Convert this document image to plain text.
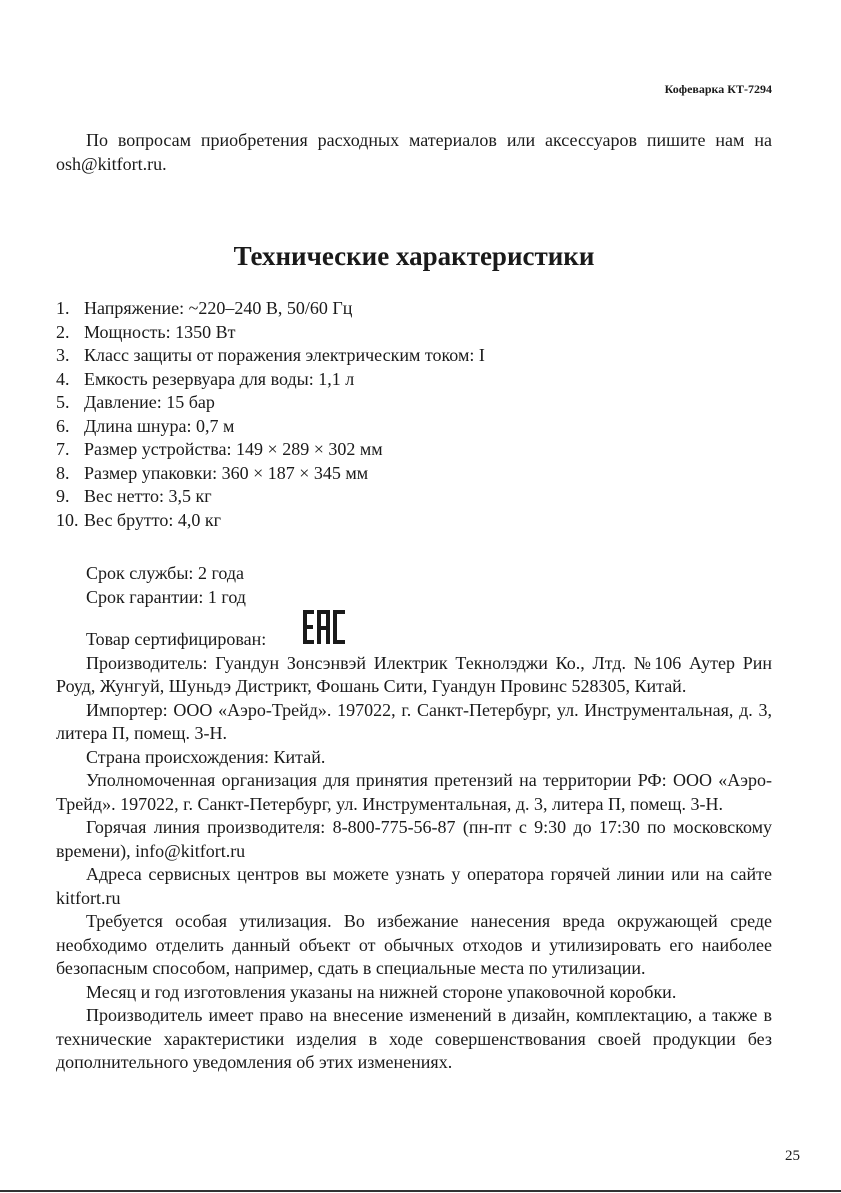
Кофеварка КТ-7294
По вопросам приобретения расходных материалов или аксессуаров пишите нам на osh@kitfort.ru.
Технические характеристики
1. Напряжение: ~220–240 В, 50/60 Гц
2. Мощность: 1350 Вт
3. Класс защиты от поражения электрическим током: I
4. Емкость резервуара для воды: 1,1 л
5. Давление: 15 бар
6. Длина шнура: 0,7 м
7. Размер устройства: 149 × 289 × 302 мм
8. Размер упаковки: 360 × 187 × 345 мм
9. Вес нетто: 3,5 кг
10. Вес брутто: 4,0 кг

Срок службы: 2 года

Срок гарантии: 1 год

Товар сертифицирован:

Производитель: Гуандун Зонсэнвэй Илектрик Текнолэджи Ко., Лтд. №106 Аутер Рин Роуд, Жунгуй, Шуньдэ Дистрикт, Фошань Сити, Гуандун Провинс 528305, Китай.

Импортер: ООО «Аэро-Трейд». 197022, г. Санкт-Петербург, ул. Инструментальная, д. 3, литера П, помещ. 3-Н.

Страна происхождения: Китай.

Уполномоченная организация для принятия претензий на территории РФ: ООО «Аэро-Трейд». 197022, г. Санкт-Петербург, ул. Инструментальная, д. 3, литера П, помещ. 3-Н.

Горячая линия производителя: 8-800-775-56-87 (пн-пт с 9:30 до 17:30 по московскому времени), info@kitfort.ru

Адреса сервисных центров вы можете узнать у оператора горячей линии или на сайте kitfort.ru

Требуется особая утилизация. Во избежание нанесения вреда окружающей среде необходимо отделить данный объект от обычных отходов и утилизировать его наиболее безопасным способом, например, сдать в специальные места по утилизации.

Месяц и год изготовления указаны на нижней стороне упаковочной коробки.

Производитель имеет право на внесение изменений в дизайн, комплектацию, а также в технические характеристики изделия в ходе совершенствования своей продукции без дополнительного уведомления об этих изменениях.

25
